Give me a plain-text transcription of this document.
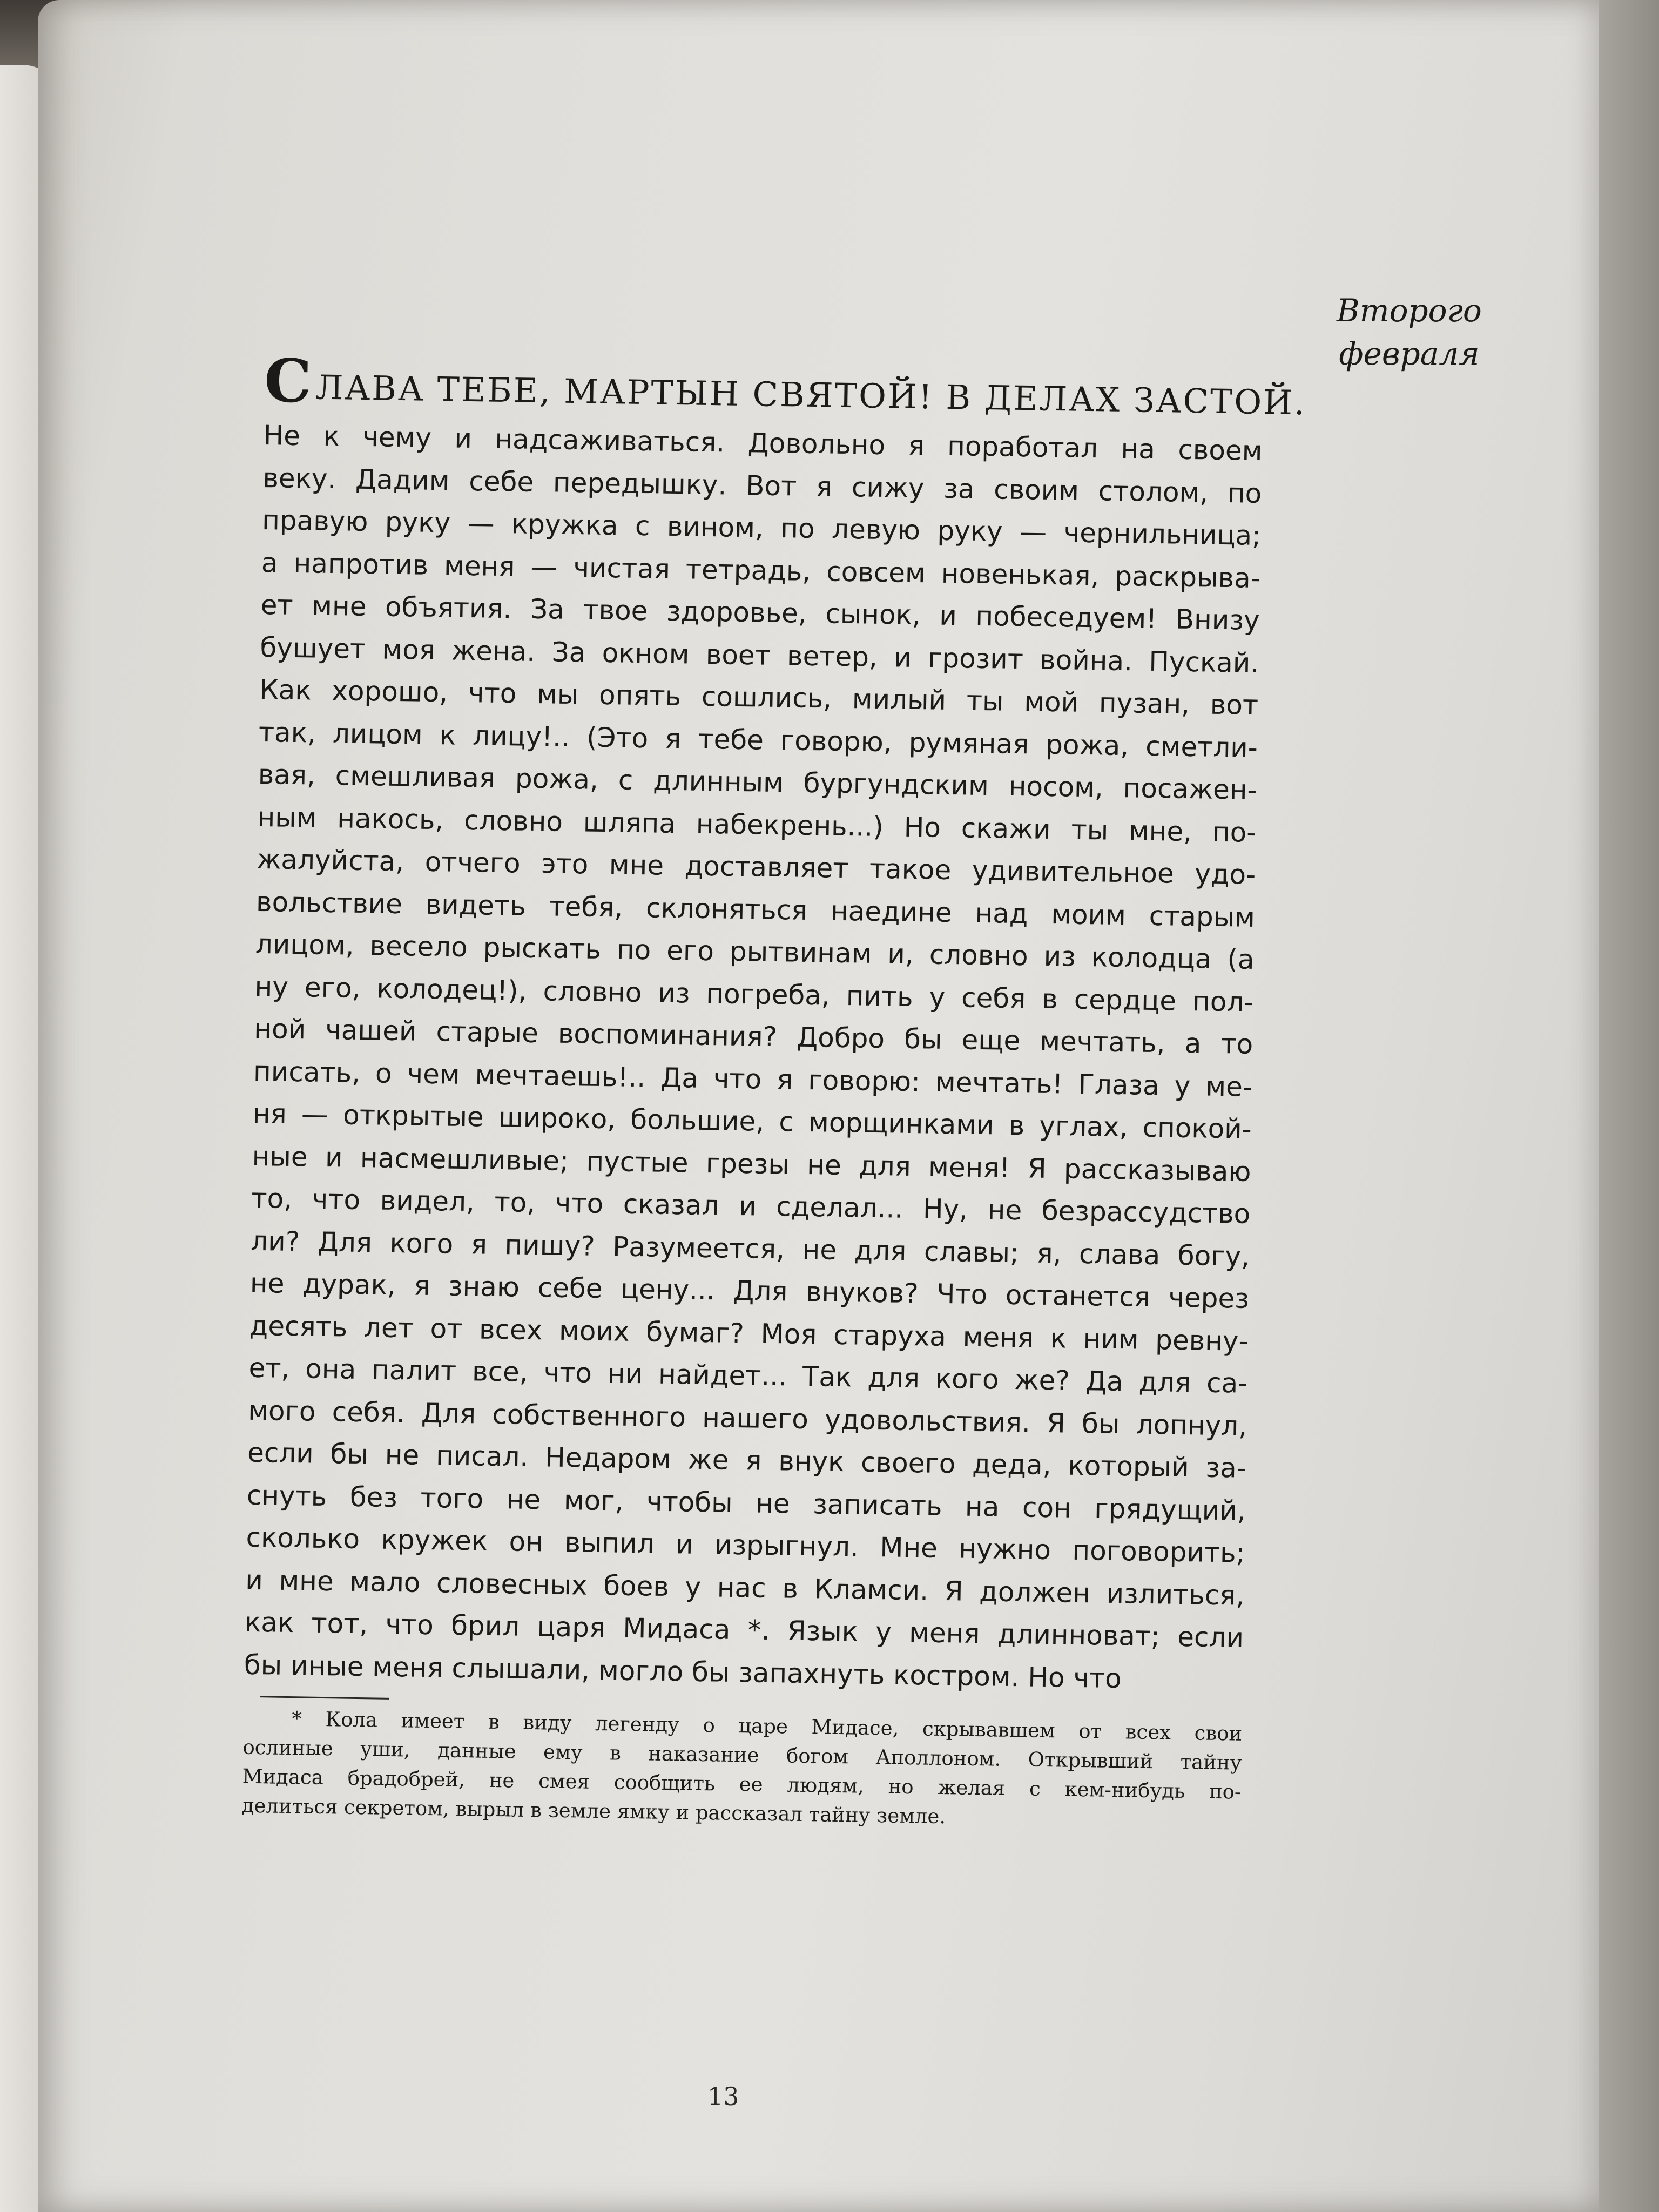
Второго
февраля
СЛАВА ТЕБЕ, МАРТЫН СВЯТОЙ! В ДЕЛАХ ЗАСТОЙ.

Не к чему и надсаживаться. Довольно я поработал на своем

веку. Дадим себе передышку. Вот я сижу за своим столом, по

правую руку — кружка с вином, по левую руку — чернильница;

а напротив меня — чистая тетрадь, совсем новенькая, раскрыва-

ет мне объятия. За твое здоровье, сынок, и побеседуем! Внизу

бушует моя жена. За окном воет ветер, и грозит война. Пускай.

Как хорошо, что мы опять сошлись, милый ты мой пузан, вот

так, лицом к лицу!.. (Это я тебе говорю, румяная рожа, сметли-

вая, смешливая рожа, с длинным бургундским носом, посажен-

ным накось, словно шляпа набекрень...) Но скажи ты мне, по-

жалуйста, отчего это мне доставляет такое удивительное удо-

вольствие видеть тебя, склоняться наедине над моим старым

лицом, весело рыскать по его рытвинам и, словно из колодца (а

ну его, колодец!), словно из погреба, пить у себя в сердце пол-

ной чашей старые воспоминания? Добро бы еще мечтать, а то

писать, о чем мечтаешь!.. Да что я говорю: мечтать! Глаза у ме-

ня — открытые широко, большие, с морщинками в углах, спокой-

ные и насмешливые; пустые грезы не для меня! Я рассказываю

то, что видел, то, что сказал и сделал... Ну, не безрассудство

ли? Для кого я пишу? Разумеется, не для славы; я, слава богу,

не дурак, я знаю себе цену... Для внуков? Что останется через

десять лет от всех моих бумаг? Моя старуха меня к ним ревну-

ет, она палит все, что ни найдет... Так для кого же? Да для са-

мого себя. Для собственного нашего удовольствия. Я бы лопнул,

если бы не писал. Недаром же я внук своего деда, который за-

снуть без того не мог, чтобы не записать на сон грядущий,

сколько кружек он выпил и изрыгнул. Мне нужно поговорить;

и мне мало словесных боев у нас в Кламси. Я должен излиться,

как тот, что брил царя Мидаса *. Язык у меня длинноват; если

бы иные меня слышали, могло бы запахнуть костром. Но что

* Кола имеет в виду легенду о царе Мидасе, скрывавшем от всех свои

ослиные уши, данные ему в наказание богом Аполлоном. Открывший тайну

Мидаса брадобрей, не смея сообщить ее людям, но желая с кем-нибудь по-

делиться секретом, вырыл в земле ямку и рассказал тайну земле.

13
